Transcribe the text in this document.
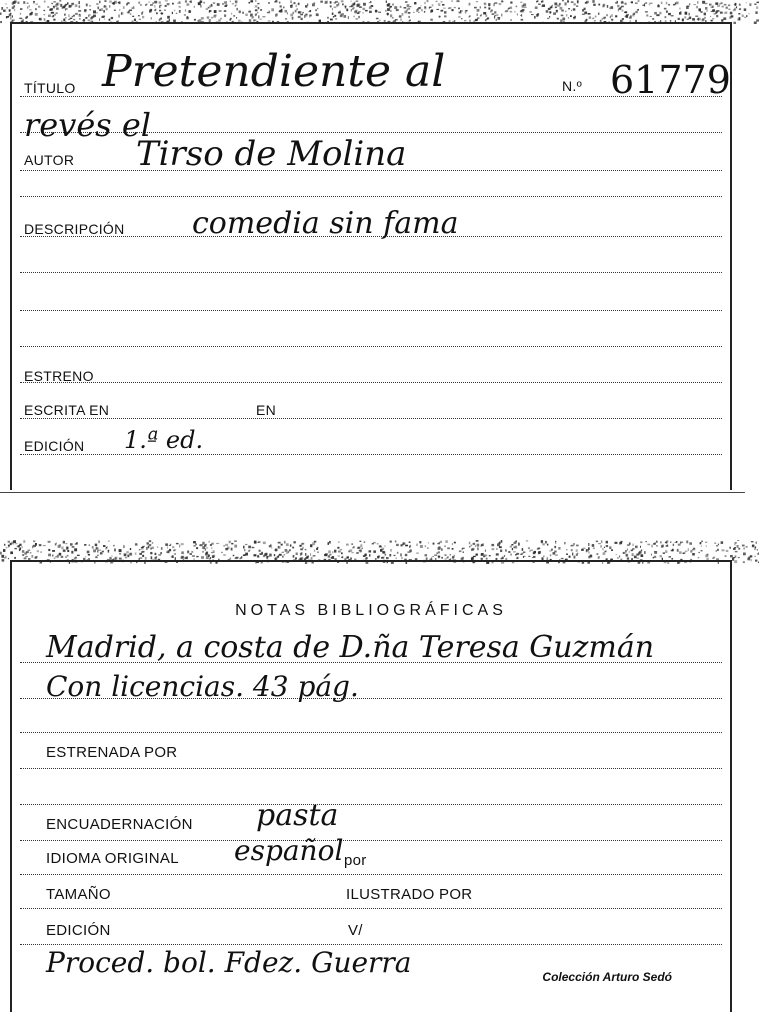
TÍTULO Pretendiente al	N.º 61779
revés el
AUTOR Tirso de Molina
DESCRIPCIÓN comedia sin fama
ESTRENO
ESCRITA EN	EN
EDICIÓN 1.ª ed.
NOTAS BIBLIOGRÁFICAS
Madrid, a costa de D.ña Teresa Guzmán
Con licencias. 43 pág.
ESTRENADA POR
ENCUADERNACIÓN pasta
IDIOMA ORIGINAL español por
TAMAÑO	ILUSTRADO POR
EDICIÓN	V/
Proced. bol. Fdez. Guerra	Colección Arturo Sedó
